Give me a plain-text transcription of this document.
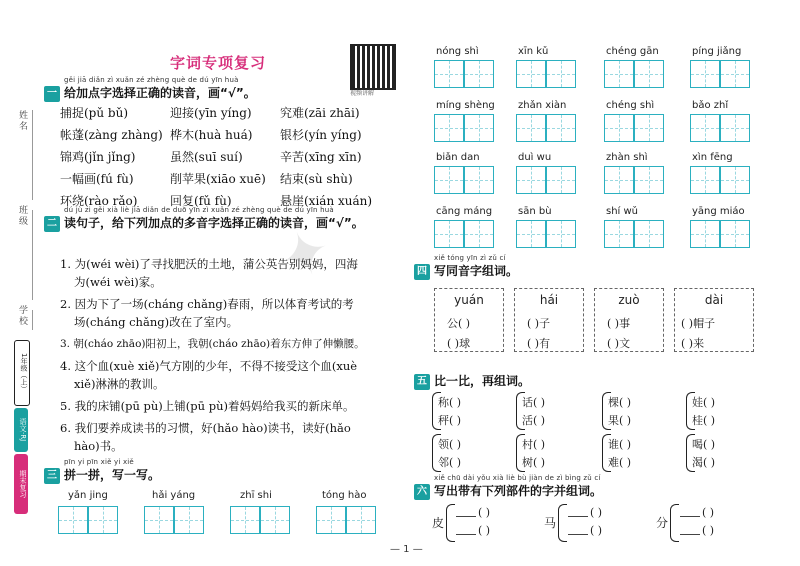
✦
姓名
班级
学校
1年级（上）
语文·RJ
期末复习
字词专项复习
视频讲解
gěi jiā diǎn zì xuǎn zé zhèng què de dú yīn huà
一 给加点字选择正确的读音，画“√”。
捕捉(pǔ bǔ)	迎接(yīn yíng) 究难(zāi zhāi)
帐蓬(zàng zhàng) 桦木(huà huá) 银杉(yín yíng)
锦鸡(jǐn jǐng)	虽然(suī suí)	辛苦(xīng xīn)
一幅画(fú fù)	削苹果(xiāo xuē) 结束(sù shù)
环绕(rào rǎo)	回复(fǔ fù)	悬崖(xián xuán)
dú jù zi gěi xià liè jiā diǎn de duō yīn zì xuǎn zé zhèng què de dú yīn huà
二 读句子，给下列加点的多音字选择正确的读音，画“√”。
1. 为(wéi wèi)了寻找肥沃的土地，蒲公英告别妈妈，四海
为(wéi wèi)家。
2. 因为下了一场(cháng chǎng)春雨，所以体育考试的考
场(cháng chǎng)改在了室内。
3. 朝(cháo zhāo)阳初上，我朝(cháo zhāo)着东方伸了伸懒腰。
4. 这个血(xuè xiě)气方刚的少年，不得不接受这个血(xuè
xiě)淋淋的教训。
5. 我的床铺(pū pù)上铺(pū pù)着妈妈给我买的新床单。
6. 我们要养成读书的习惯，好(hǎo hào)读书，读好(hǎo
hào)书。
pīn yi pīn xiě yi xiě
三 拼一拼，写一写。
yǎn jing	hǎi yáng	zhī shi	tóng hào
nóng shì	xīn kǔ	chéng gān	píng jiǎng
míng shèng zhǎn xiàn	chéng shì	bǎo zhǐ
biǎn dan	duì wu	zhàn shì	xìn fēng
cāng máng	sān bù	shí wǔ	yāng miáo
xiě tóng yīn zì zǔ cí
四 写同音字组词。
yuán
公( )
( )球
hái
( )子
( )有
zuò
( )事
( )文
dài
( )帽子
( )来
五 比一比，再组词。
称( )
秤( )
领( )
邻( )
话( )
活( )
村( )
树( )
棵( )
果( )
谁( )
难( )
娃( )
桂( )
喝( )
渴( )
xiě chū dài yǒu xià liè bù jiàn de zì bìng zǔ cí
六 写出带有下列部件的字并组词。
皮
( )
( )
马
( )
( )
分
( )
( )
— 1 —
